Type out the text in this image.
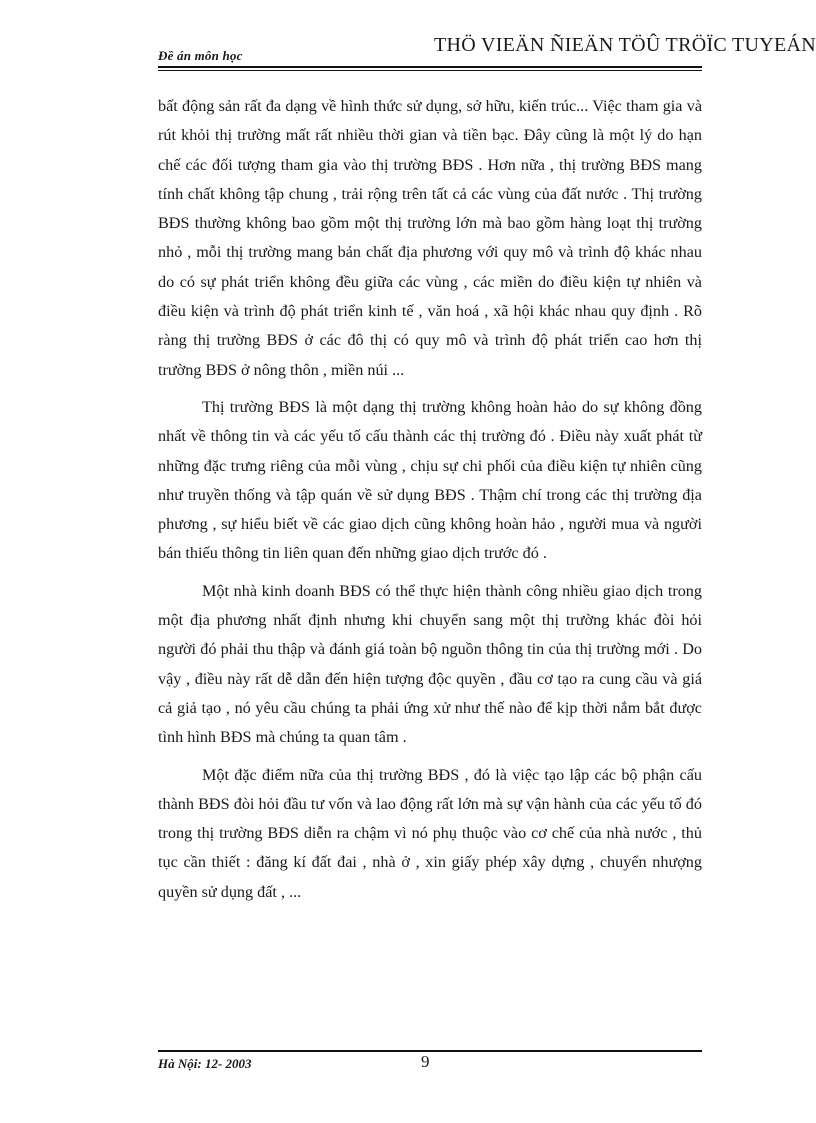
Đề án môn học	THÖ VIEÄN ÑIEÄN TÖÛ TRÖÏC TUYEÁN

bất động sản rất đa dạng về hình thức sử dụng, sở hữu, kiến trúc... Việc tham gia và rút khỏi thị trường mất rất nhiều thời gian và tiền bạc. Đây cũng là một lý do hạn chế các đối tượng tham gia vào thị trường BĐS . Hơn nữa , thị trường BĐS mang tính chất không tập chung , trải rộng trên tất cả các vùng của đất nước . Thị trường BĐS thường không bao gồm một thị trường lớn mà bao gồm hàng loạt thị trường nhỏ , mỗi thị trường mang bản chất địa phương với quy mô và trình độ khác nhau do có sự phát triển không đều giữa các vùng , các miền do điều kiện tự nhiên và điều kiện và trình độ phát triển kinh tế , văn hoá , xã hội khác nhau quy định . Rõ ràng thị trường BĐS ở các đô thị có quy mô và trình độ phát triển cao hơn thị trường BĐS ở nông thôn , miền núi ...

Thị trường BĐS là một dạng thị trường không hoàn hảo do sự không đồng nhất về thông tin và các yếu tố cấu thành các thị trường đó . Điều này xuất phát từ những đặc trưng riêng của mỗi vùng , chịu sự chi phối của điều kiện tự nhiên cũng như truyền thống và tập quán về sử dụng BĐS . Thậm chí trong các thị trường địa phương , sự hiểu biết về các giao dịch cũng không hoàn hảo , người mua và người bán thiếu thông tin liên quan đến những giao dịch trước đó .

Một nhà kinh doanh BĐS có thể thực hiện thành công nhiều giao dịch trong một địa phương nhất định nhưng khi chuyển sang một thị trường khác đòi hỏi người đó phải thu thập và đánh giá toàn bộ nguồn thông tin của thị trường mới . Do vậy , điều này rất dễ dẫn đến hiện tượng độc quyền , đầu cơ tạo ra cung cầu và giá cả giả tạo , nó yêu cầu chúng ta phải ứng xử như thế nào để kịp thời nắm bắt được tình hình BĐS mà chúng ta quan tâm .

Một đặc điểm nữa của thị trường BĐS , đó là việc tạo lập các bộ phận cấu thành BĐS đòi hỏi đầu tư vốn và lao động rất lớn mà sự vận hành của các yếu tố đó trong thị trường BĐS diễn ra chậm vì nó phụ thuộc vào cơ chế của nhà nước , thủ tục cần thiết : đăng kí đất đai , nhà ở , xin giấy phép xây dựng , chuyển nhượng quyền sử dụng đất , ...

Hà Nội: 12- 2003	9
